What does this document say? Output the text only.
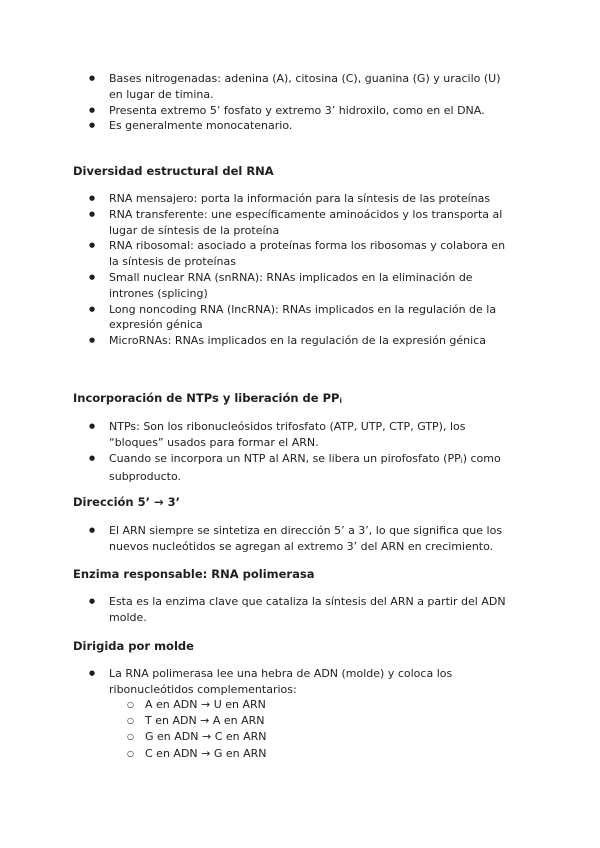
● Bases nitrogenadas: adenina (A), citosina (C), guanina (G) y uracilo (U) en lugar de timina.
● Presenta extremo 5’ fosfato y extremo 3’ hidroxilo, como en el DNA.
● Es generalmente monocatenario.
Diversidad estructural del RNA
● RNA mensajero: porta la información para la síntesis de las proteínas
● RNA transferente: une específicamente aminoácidos y los transporta al lugar de síntesis de la proteína
● RNA ribosomal: asociado a proteínas forma los ribosomas y colabora en la síntesis de proteínas
● Small nuclear RNA (snRNA): RNAs implicados en la eliminación de intrones (splicing)
● Long noncoding RNA (lncRNA): RNAs implicados en la regulación de la expresión génica
● MicroRNAs: RNAs implicados en la regulación de la expresión génica
Incorporación de NTPs y liberación de $PP_i$
● NTPs: Son los ribonucleósidos trifosfato (ATP, UTP, CTP, GTP), los “bloques” usados para formar el ARN.
● Cuando se incorpora un NTP al ARN, se libera un pirofosfato $(PP_i)$ como subproducto.
Dirección 5’ → 3’
● El ARN siempre se sintetiza en dirección 5’ a 3’, lo que significa que los nuevos nucleótidos se agregan al extremo 3’ del ARN en crecimiento.
Enzima responsable: RNA polimerasa
● Esta es la enzima clave que cataliza la síntesis del ARN a partir del ADN molde.
Dirigida por molde
● La RNA polimerasa lee una hebra de ADN (molde) y coloca los ribonucleótidos complementarios:
○ A en ADN → U en ARN
○ T en ADN → A en ARN
○ G en ADN → C en ARN
○ C en ADN → G en ARN
